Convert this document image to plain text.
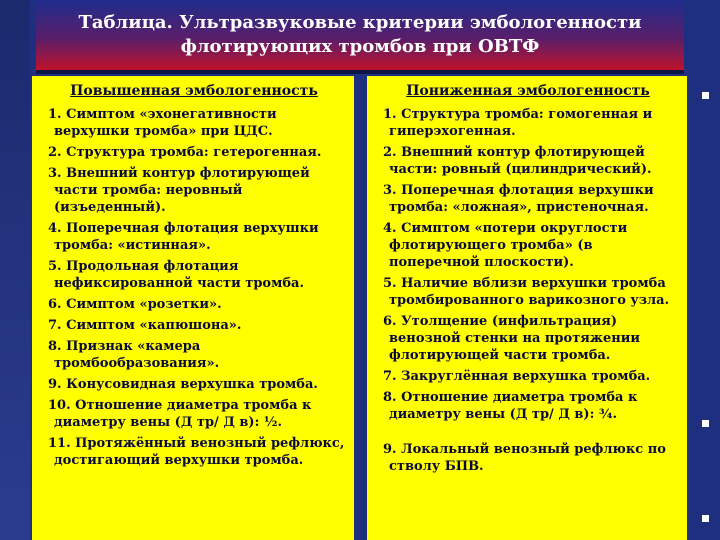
Таблица. Ультразвуковые критерии эмбологенности
флотирующих тромбов при ОВТФ
Повышенная эмбологенность
1. Симптом «эхонегативности верхушки тромба» при ЦДС.
2. Структура тромба: гетерогенная.
3. Внешний контур флотирующей части тромба: неровный (изъеденный).
4. Поперечная флотация верхушки тромба: «истинная».
5. Продольная флотация нефиксированной части тромба.
6. Симптом «розетки».
7. Симптом «капюшона».
8. Признак «камера тромбообразования».
9. Конусовидная верхушка тромба.
10. Отношение диаметра тромба к диаметру вены (Д тр/ Д в): ½.
11. Протяжённый венозный рефлюкс, достигающий верхушки тромба.
Пониженная эмбологенность
1. Структура тромба: гомогенная и гиперэхогенная.
2. Внешний контур флотирующей части: ровный (цилиндрический).
3. Поперечная флотация верхушки тромба: «ложная», пристеночная.
4. Симптом «потери округлости флотирующего тромба» (в поперечной плоскости).
5. Наличие вблизи верхушки тромба тромбированного варикозного узла.
6. Утолщение (инфильтрация) венозной стенки на протяжении флотирующей части тромба.
7. Закруглённая верхушка тромба.
8. Отношение диаметра тромба к диаметру вены (Д тр/ Д в): ¾.
9. Локальный венозный рефлюкс по стволу БПВ.
